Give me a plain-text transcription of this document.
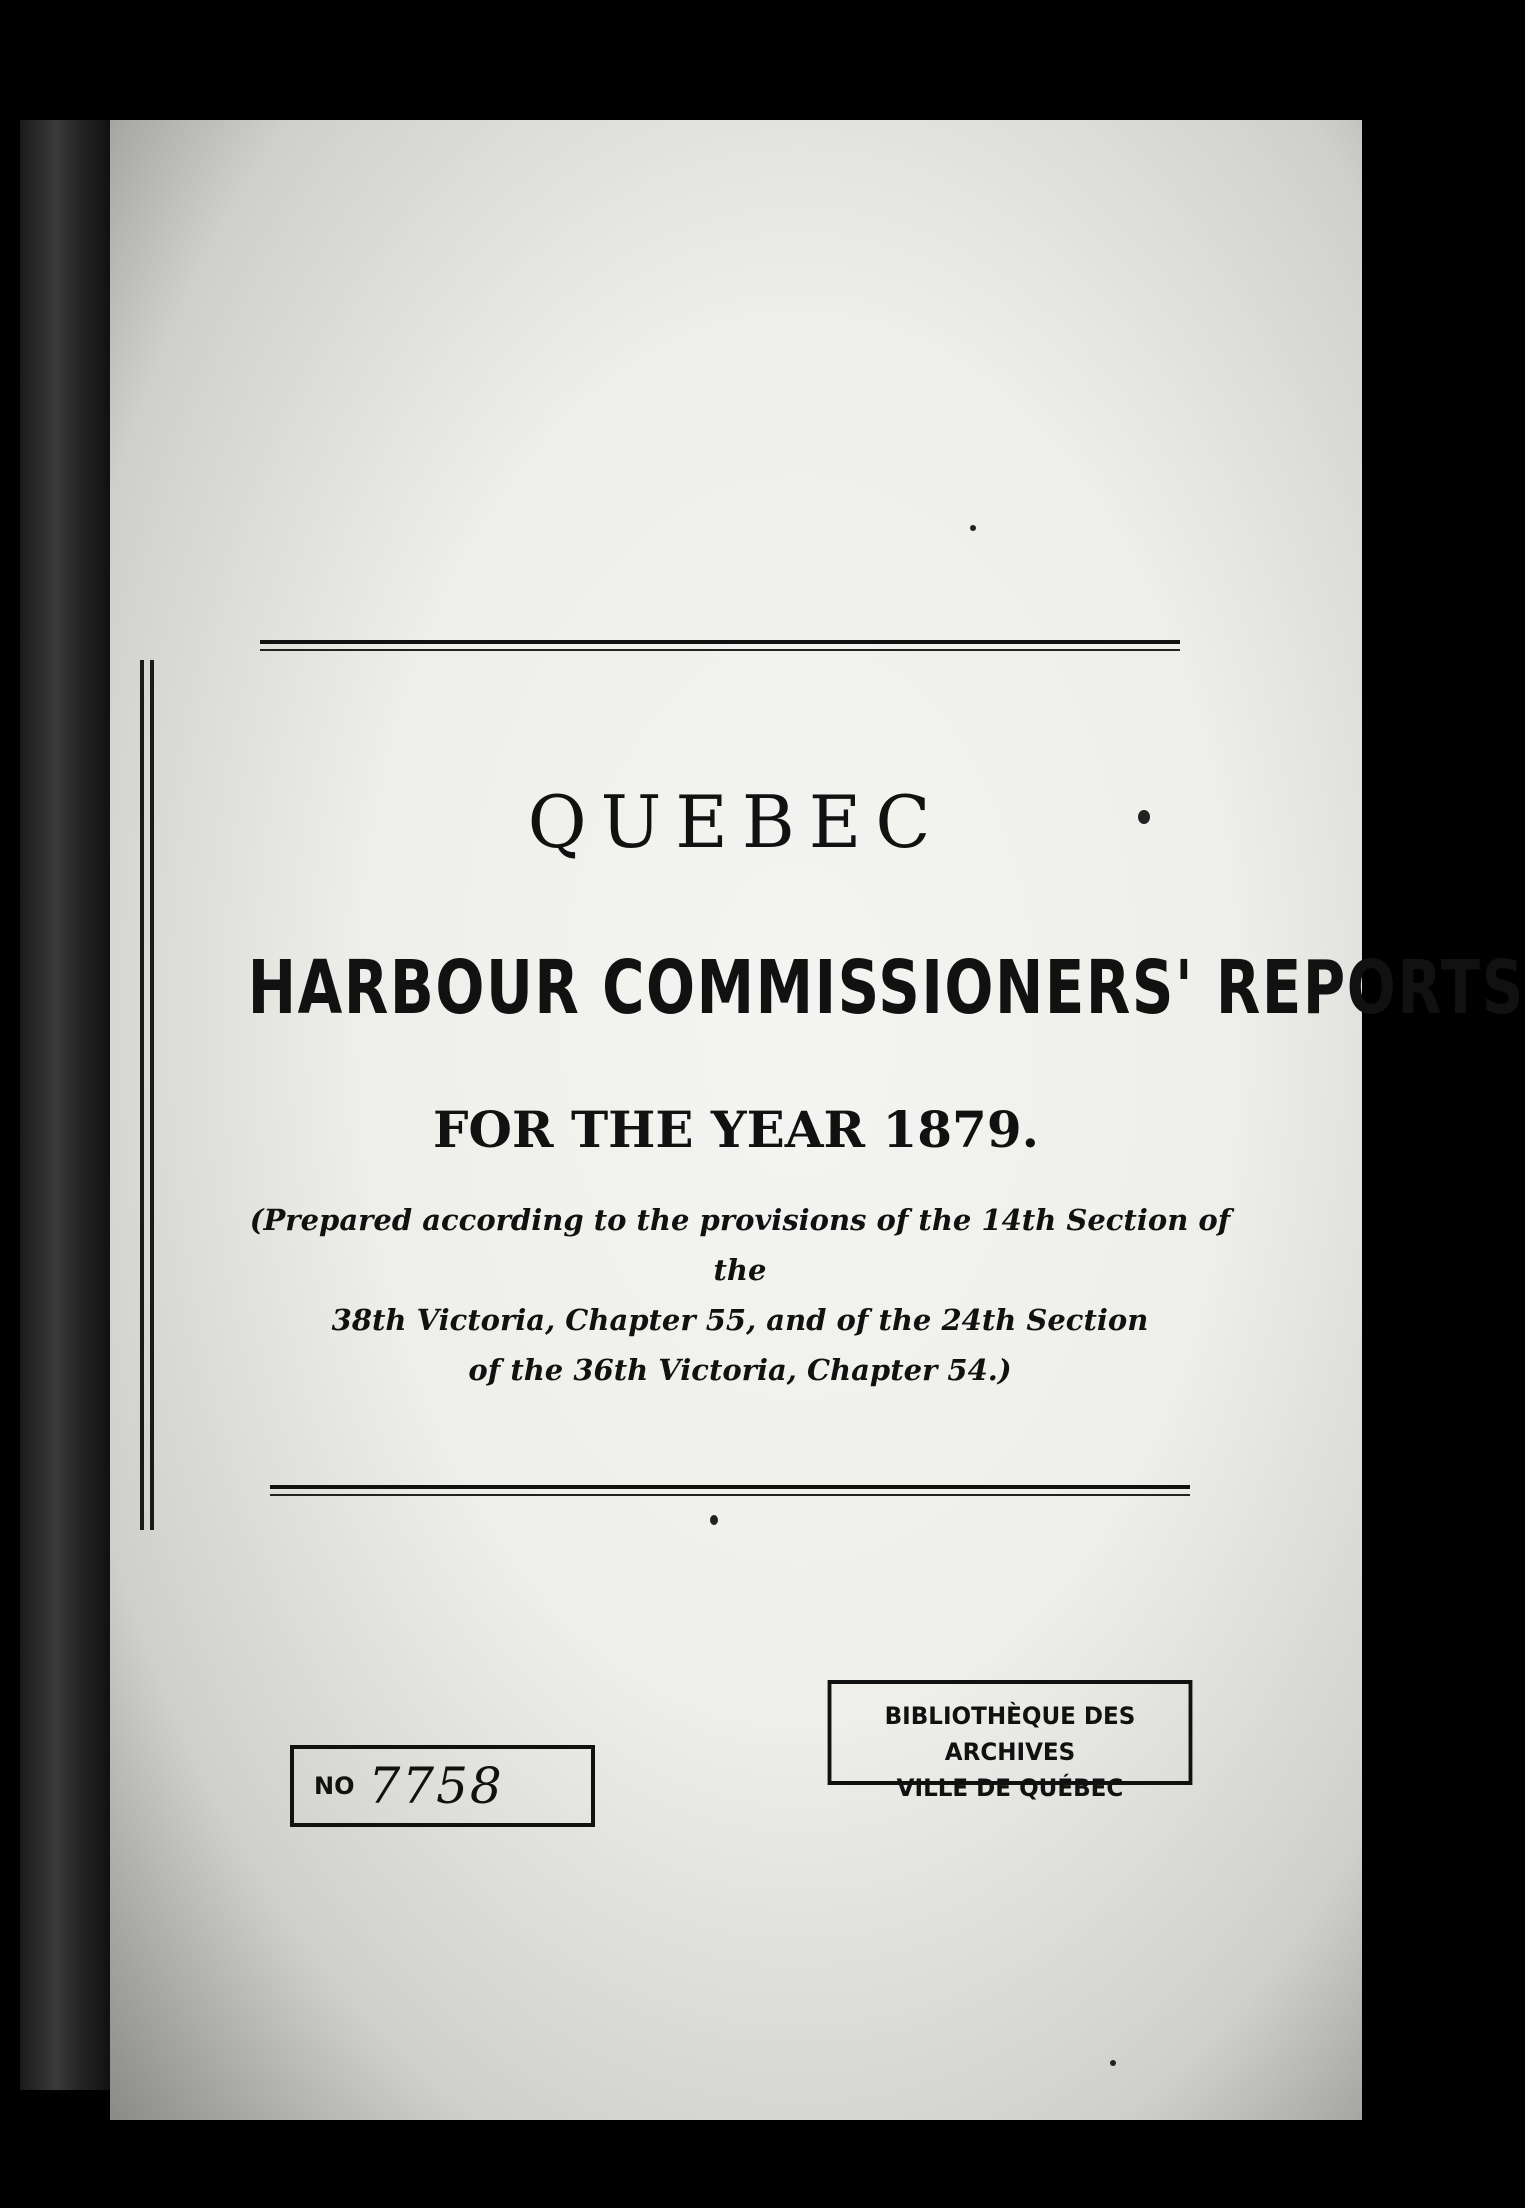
QUEBEC
HARBOUR COMMISSIONERS' REPORTS
FOR THE YEAR 1879.
(Prepared according to the provisions of the 14th Section of the
38th Victoria, Chapter 55, and of the 24th Section
of the 36th Victoria, Chapter 54.)
BIBLIOTHÈQUE DES ARCHIVES
VILLE DE QUÉBEC
NO 7758
